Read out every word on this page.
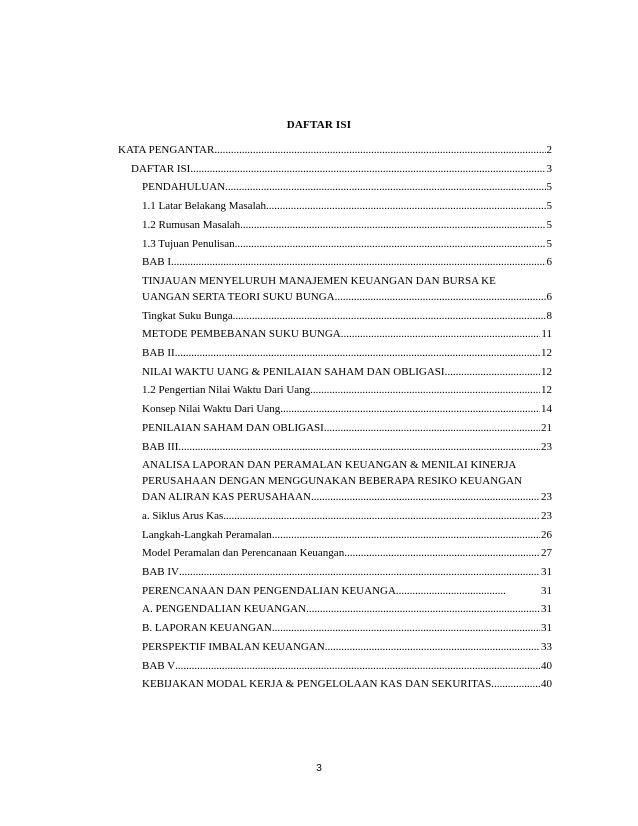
DAFTAR ISI
KATA PENGANTAR .....	2
DAFTAR ISI .....	3
PENDAHULUAN .....	5
1.1 Latar Belakang Masalah .....	5
1.2 Rumusan Masalah .....	5
1.3 Tujuan Penulisan .....	5
BAB I .....	6
TINJAUAN MENYELURUH MANAJEMEN KEUANGAN DAN BURSA KE
UANGAN SERTA TEORI SUKU BUNGA. .....	6
Tingkat Suku Bunga .....	8
METODE PEMBEBANAN SUKU BUNGA .....	11
BAB II. .....	12
NILAI WAKTU UANG & PENILAIAN SAHAM DAN OBLIGASI .....	12
1.2 Pengertian Nilai Waktu Dari Uang .....	12
Konsep Nilai Waktu Dari Uang .....	14
PENILAIAN SAHAM DAN OBLIGASI .....	21
BAB III .....	23
ANALISA LAPORAN DAN PERAMALAN KEUANGAN & MENILAI KINERJA
PERUSAHAAN DENGAN MENGGUNAKAN BEBERAPA RESIKO KEUANGAN
DAN ALIRAN KAS PERUSAHAAN .....	23
a. Siklus Arus Kas .....	23
Langkah-Langkah Peramalan .....	26
Model Peramalan dan Perencanaan Keuangan .....	27
BAB IV .....	31
PERENCANAAN DAN PENGENDALIAN KEUANGA .....	31
A. PENGENDALIAN KEUANGAN .....	31
B. LAPORAN KEUANGAN .....	31
PERSPEKTIF IMBALAN KEUANGAN .....	33
BAB V .....	40
KEBIJAKAN MODAL KERJA & PENGELOLAAN KAS DAN SEKURITAS .....	40
3
